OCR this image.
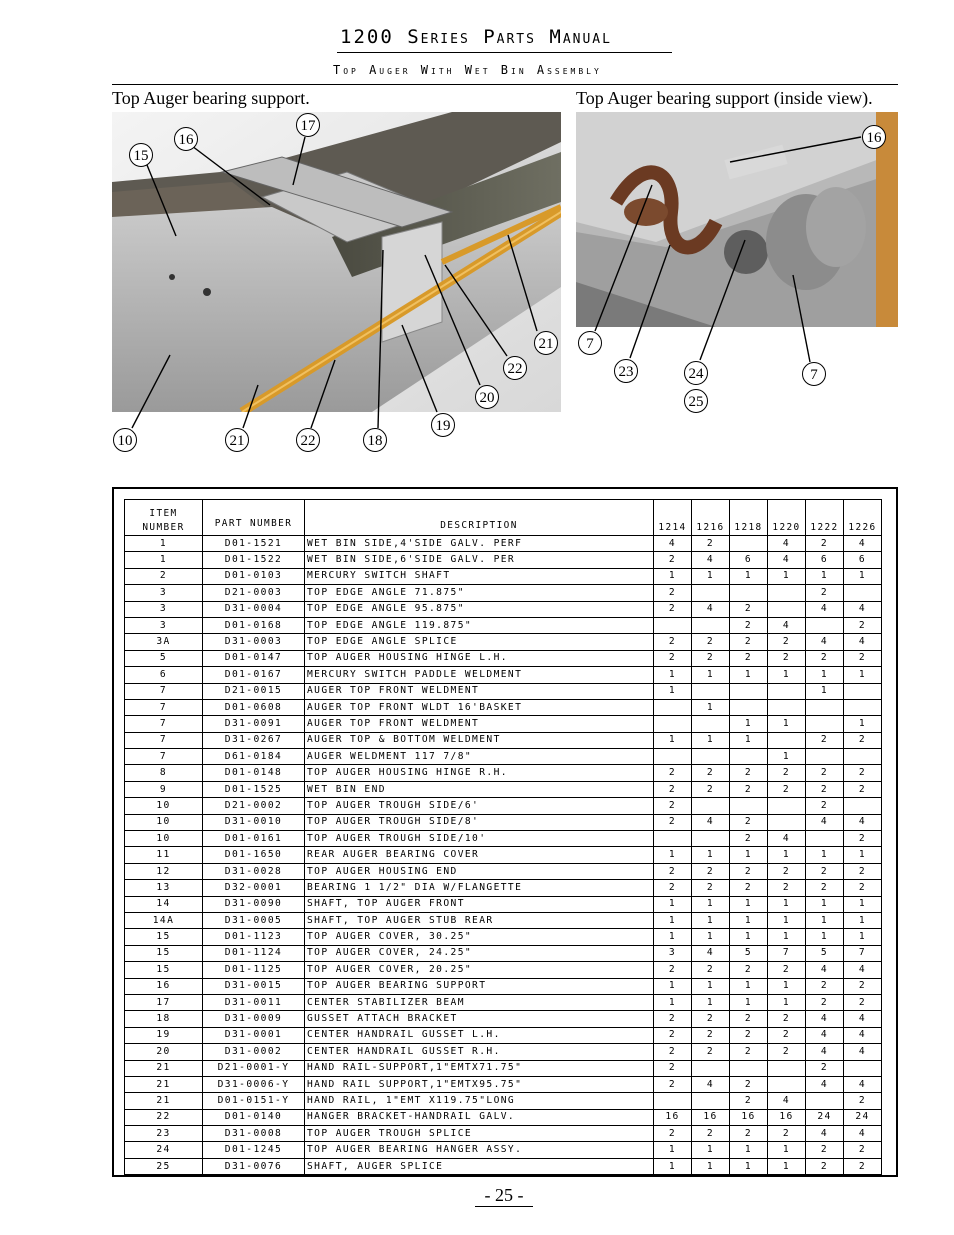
1200 Series Parts Manual
Top Auger With Wet Bin Assembly
Top Auger bearing support.	Top Auger bearing support (inside view).
15
16
17
10	21	22	18
19
20
22
21
16
7
23	24
25
7
ITEM
NUMBER	PART NUMBER	DESCRIPTION	1214	1216	1218	1220	1222	1226
1	D01-1521	WET BIN SIDE,4'SIDE GALV. PERF	4	2		4	2	4
1	D01-1522	WET BIN SIDE,6'SIDE GALV. PER	2	4	6	4	6	6
2	D01-0103	MERCURY SWITCH SHAFT	1	1	1	1	1	1
3	D21-0003	TOP EDGE ANGLE 71.875"	2				2	
3	D31-0004	TOP EDGE ANGLE 95.875"	2	4	2		4	4
3	D01-0168	TOP EDGE ANGLE 119.875"			2	4		2
3A	D31-0003	TOP EDGE ANGLE SPLICE	2	2	2	2	4	4
5	D01-0147	TOP AUGER HOUSING HINGE L.H.	2	2	2	2	2	2
6	D01-0167	MERCURY SWITCH PADDLE WELDMENT	1	1	1	1	1	1
7	D21-0015	AUGER TOP FRONT WELDMENT	1				1	
7	D01-0608	AUGER TOP FRONT WLDT 16'BASKET		1				
7	D31-0091	AUGER TOP FRONT WELDMENT			1	1		1
7	D31-0267	AUGER TOP & BOTTOM WELDMENT	1	1	1		2	2
7	D61-0184	AUGER WELDMENT 117 7/8"				1		
8	D01-0148	TOP AUGER HOUSING HINGE R.H.	2	2	2	2	2	2
9	D01-1525	WET BIN END	2	2	2	2	2	2
10	D21-0002	TOP AUGER TROUGH SIDE/6'	2				2	
10	D31-0010	TOP AUGER TROUGH SIDE/8'	2	4	2		4	4
10	D01-0161	TOP AUGER TROUGH SIDE/10'			2	4		2
11	D01-1650	REAR AUGER BEARING COVER	1	1	1	1	1	1
12	D31-0028	TOP AUGER HOUSING END	2	2	2	2	2	2
13	D32-0001	BEARING 1 1/2" DIA W/FLANGETTE	2	2	2	2	2	2
14	D31-0090	SHAFT, TOP AUGER FRONT	1	1	1	1	1	1
14A	D31-0005	SHAFT, TOP AUGER STUB REAR	1	1	1	1	1	1
15	D01-1123	TOP AUGER COVER, 30.25"	1	1	1	1	1	1
15	D01-1124	TOP AUGER COVER, 24.25"	3	4	5	7	5	7
15	D01-1125	TOP AUGER COVER, 20.25"	2	2	2	2	4	4
16	D31-0015	TOP AUGER BEARING SUPPORT	1	1	1	1	2	2
17	D31-0011	CENTER STABILIZER BEAM	1	1	1	1	2	2
18	D31-0009	GUSSET ATTACH BRACKET	2	2	2	2	4	4
19	D31-0001	CENTER HANDRAIL GUSSET L.H.	2	2	2	2	4	4
20	D31-0002	CENTER HANDRAIL GUSSET R.H.	2	2	2	2	4	4
21	D21-0001-Y	HAND RAIL-SUPPORT,1"EMTX71.75"	2				2	
21	D31-0006-Y	HAND RAIL SUPPORT,1"EMTX95.75"	2	4	2		4	4
21	D01-0151-Y	HAND RAIL, 1"EMT X119.75"LONG			2	4		2
22	D01-0140	HANGER BRACKET-HANDRAIL GALV.	16	16	16	16	24	24
23	D31-0008	TOP AUGER TROUGH SPLICE	2	2	2	2	4	4
24	D01-1245	TOP AUGER BEARING HANGER ASSY.	1	1	1	1	2	2
25	D31-0076	SHAFT, AUGER SPLICE	1	1	1	1	2	2
- 25 -
